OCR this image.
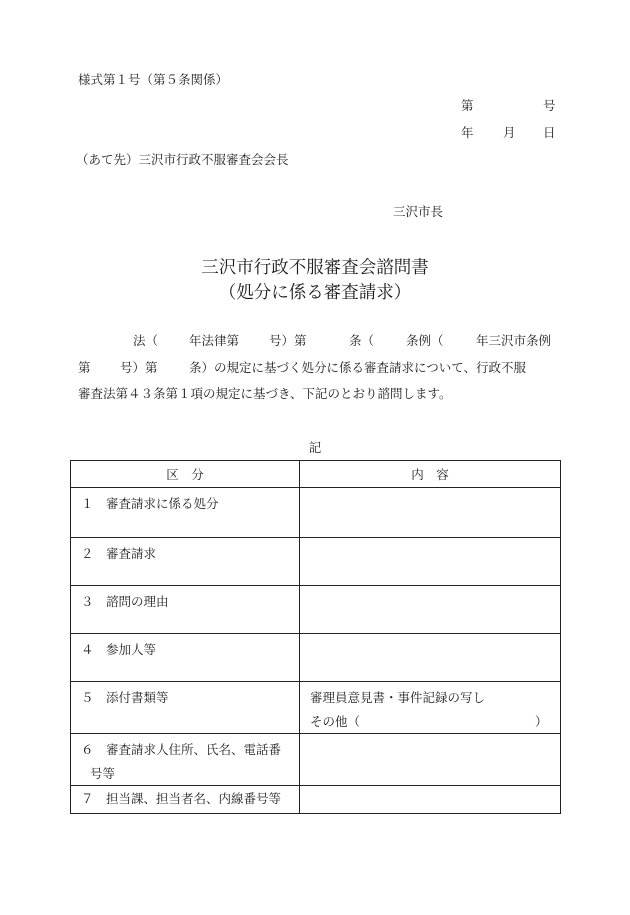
様式第１号（第５条関係）
第	号
年 月 日
（あて先）三沢市行政不服審査会会長
三沢市長
三沢市行政不服審査会諮問書
（処分に係る審査請求）
法（ 年法律第 号）第	条（	条例（	年三沢市条例
第 号）第	条）の規定に基づく処分に係る審査請求について、行政不服
審査法第４３条第１項の規定に基づき、下記のとおり諮問します。
記
区　分	内　容
１ 審査請求に係る処分	
２ 審査請求	
３ 諮問の理由	
４ 参加人等	
５ 添付書類等	審理員意見書・事件記録の写し
その他（ ）

６ 審査請求人住所、氏名、電話番
号等	

７ 担当課、担当者名、内線番号等	
